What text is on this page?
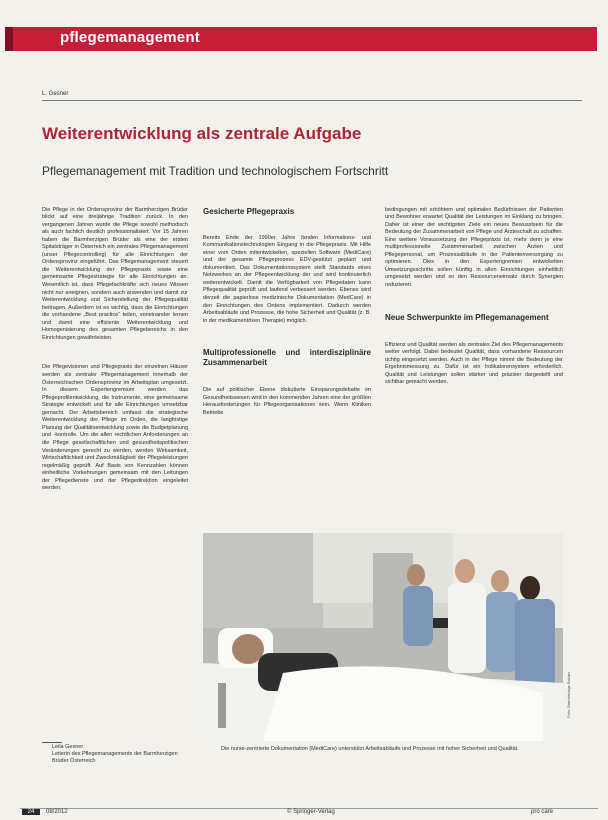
pflegemanagement
L. Gesner
Weiterentwicklung als zentrale Aufgabe
Pflegemanagement mit Tradition und technologischem Fortschritt

Die Pflege in der Ordensprovinz der Barmherzigen Brüder blickt auf eine dreijährige Tradition zurück. In den vergangenen Jahren wurde die Pflege sowohl methodisch als auch fachlich deutlich professionalisiert. Vor 15 Jahren haben die Barmherzigen Brüder als eine der ersten Spitalsträger in Österreich ein zentrales Pflegemanagement (unser Pflegecontrolling) für alle Einrichtungen der Ordensprovinz eingeführt. Das Pflegemanagement steuert die Weiterentwicklung der Pflegepraxis sowie eine gemeinsame Pflegestrategie für alle Einrichtungen an. Wesentlich ist, dass Pflegefachkräfte sich neues Wissen nicht nur aneignen, sondern auch anwenden und damit zur Weiterentwicklung und Sicherstellung der Pflegequalität beitragen. Außerdem ist es wichtig, dass die Einrichtungen die vorhandene „Best practice“ teilen, voneinander lernen und damit eine effiziente Weiterentwicklung und Homogenisierung des gesamten Pflegebereichs in den Einrichtungen gewährleisten.

Die Pflegevisionen und Pflegepraxis der einzelnen Häuser werden als zentraler Pflegemanagement innerhalb der Österreichischen Ordensprovinz im Arbeitsplan umgesetzt. In diesem Expertengremium werden das Pflegeprofilentwicklung, die Instrumente, eine gemeinsame Strategie entwickelt und für alle Einrichtungen umsetzbar gemacht. Der Arbeitsbereich umfasst die strategische Weiterentwicklung der Pflege im Orden, die langfristige Planung der Qualitätsentwicklung sowie die Budgetplanung und -kontrolle. Um die allen rechtlichen Anforderungen an die Pflege gesellschaftlichen und gesundheitspolitischen Veränderungen gerecht zu werden, werden Wirksamkeit, Wirtschaftlichkeit und Zweckmäßigkeit der Pflegeleistungen regelmäßig geprüft. Auf Basis von Kennzahlen können einheitliche Vorkehrungen gemeinsam mit den Leitungen der Pflegedienste und der Pflegedirektion eingeleitet werden.

Gesicherte Pflegepraxis

Bereits Ende der 1990er Jahre fanden Informations- und Kommunikationstechnologien Eingang in die Pflegepraxis. Mit Hilfe einer vom Orden mitentwickelten, speziellen Software (MediCare) und der gesamte Pflegeprozess EDV-gestützt geplant und dokumentiert. Das Dokumentationssystem stellt Standards eines Netzwerkes an der Pflegeentwicklung der und wird kontinuierlich weiterentwickelt. Damit die Verfügbarkeit von Pflegedaten kann Pflegequalität geprüft und laufend verbessert werden. Ebenso wird derzeit die papierlose medizinische Dokumentation (MedCare) in den Einrichtungen des Ordens implementiert. Dadurch werden Arbeitsabläufe und Prozesse, die hohe Sicherheit und Qualität (z. B. in der medikamentösen Therapie) möglich.

Multiprofessionelle und interdisziplinäre Zusammenarbeit

Die auf politischer Ebene diskutierte Einsparungsdebatte im Gesundheitswesen wird in den kommenden Jahren eine der größten Herausforderungen für Pflegeorganisationen sein. Wenn Kliniken Betriebe

bedingungen mit erhöhtem und optimalen Bedürfnissen der Patienten und Bewohner erwartet Qualität der Leistungen im Einklang zu bringen. Daher ist einer der wichtigsten Ziele ein neues Bewusstsein für die Bedeutung der Zusammenarbeit von Pflege und Ärzteschaft zu schaffen. Eine weitere Voraussetzung der Pflegepraxis ist, mehr denn je eine multiprofessionelle Zusammenarbeit zwischen Ärzten und Pflegepersonal, um Prozessabläufe in der Patientenversorgung zu optimieren. Dies in den Expertengremien entwickelten Umsetzungsschritte sollen künftig in allen Einrichtungen einheitlich umgesetzt werden und so den Ressourceneinsatz durch Synergien reduzieren.

Neue Schwerpunkte im Pflegemanagement

Effizienz und Qualität werden als zentrales Ziel des Pflegemanagements weiter verfolgt. Dabei bedeutet Qualität, dass vorhandene Ressourcen richtig eingesetzt werden. Auch in der Pflege nimmt die Bedeutung der Ergebnismessung zu. Dafür ist ein Indikatorensystem erforderlich. Qualität und Leistungen sollen stärker und präziser dargestellt und sichtbar gemacht werden.

Foto: Barmherzige Brüder
Die nurse-zentrierte Dokumentation (MediCare) unterstützt Arbeitsabläufe und Prozesse mit hoher Sicherheit und Qualität.
Leila Gesner
Leiterin des Pflegemanagements der Barmherzigen Brüder Österreich
24	08/2012	© Springer-Verlag	pro care
